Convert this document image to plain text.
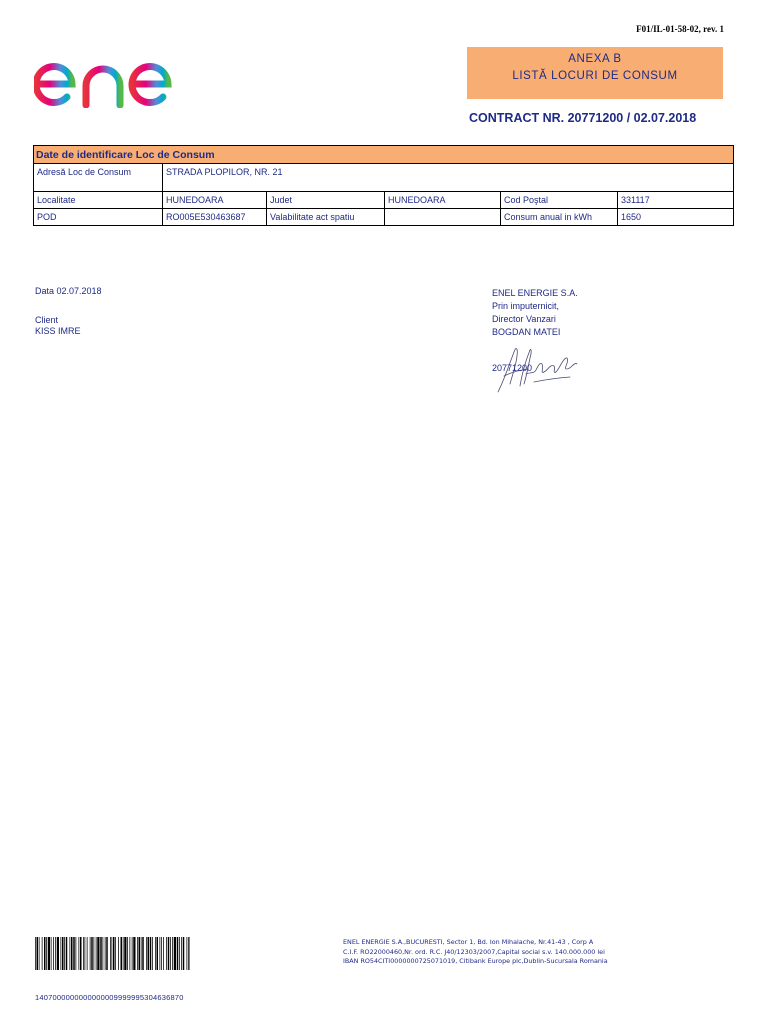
F01/IL-01-58-02, rev. 1
ANEXA B
LISTĂ LOCURI DE CONSUM
CONTRACT NR. 20771200 / 02.07.2018
Date de identificare Loc de Consum					
Adresă Loc de Consum	STRADA PLOPILOR, NR. 21				
Localitate	HUNEDOARA	Judet	HUNEDOARA	Cod Poştal	331117
POD	RO005E530463687	Valabilitate act spatiu		Consum anual in kWh	1650
Data 02.07.2018
Client
KISS IMRE
ENEL ENERGIE S.A.
Prin imputernicit,
Director Vanzari
BOGDAN MATEI
20771200
1407000000000000009999995304636870
ENEL ENERGIE S.A.,BUCURESTI, Sector 1, Bd. Ion Mihalache, Nr.41-43 , Corp A
C.I.F. RO22000460,Nr. ord. R.C. J40/12303/2007,Capital social s.v. 140.000.000 lei
IBAN RO54CITI0000000725071019, Citibank Europe plc,Dublin-Sucursala Romania
